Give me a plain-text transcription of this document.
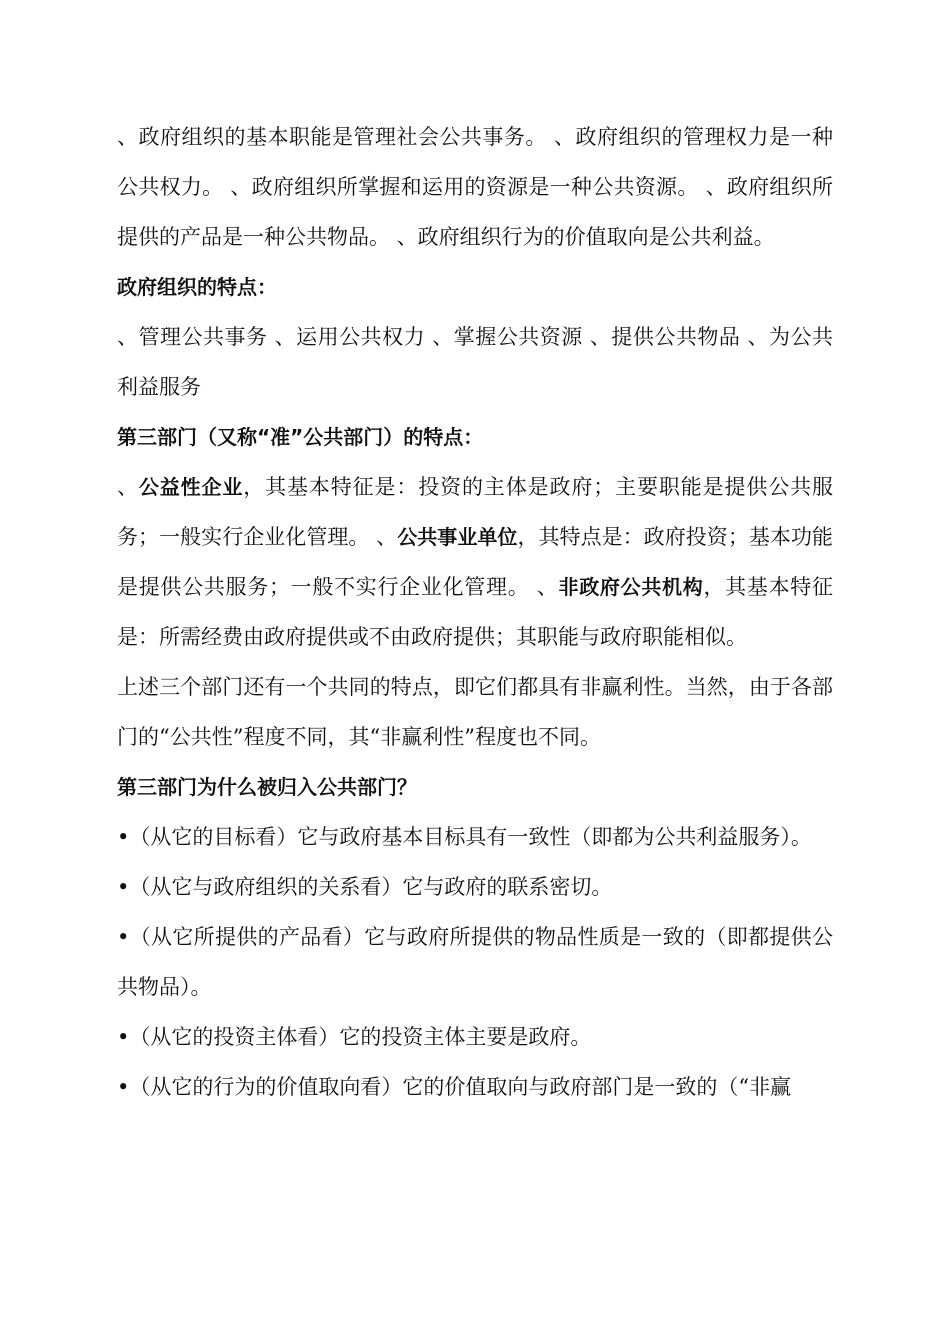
、政府组织的基本职能是管理社会公共事务。 、政府组织的管理权力是一种公共权力。 、政府组织所掌握和运用的资源是一种公共资源。 、政府组织所提供的产品是一种公共物品。 、政府组织行为的价值取向是公共利益。

政府组织的特点：

、管理公共事务 、运用公共权力 、掌握公共资源 、提供公共物品 、为公共利益服务

第三部门（又称“准”公共部门）的特点：

、公益性企业，其基本特征是：投资的主体是政府；主要职能是提供公共服务；一般实行企业化管理。 、公共事业单位，其特点是：政府投资；基本功能是提供公共服务；一般不实行企业化管理。 、非政府公共机构，其基本特征是：所需经费由政府提供或不由政府提供；其职能与政府职能相似。

上述三个部门还有一个共同的特点，即它们都具有非赢利性。当然，由于各部门的“公共性”程度不同，其“非赢利性”程度也不同。

第三部门为什么被归入公共部门？

•（从它的目标看）它与政府基本目标具有一致性（即都为公共利益服务）。

•（从它与政府组织的关系看）它与政府的联系密切。

•（从它所提供的产品看）它与政府所提供的物品性质是一致的（即都提供公共物品）。

•（从它的投资主体看）它的投资主体主要是政府。

•（从它的行为的价值取向看）它的价值取向与政府部门是一致的（“非赢
